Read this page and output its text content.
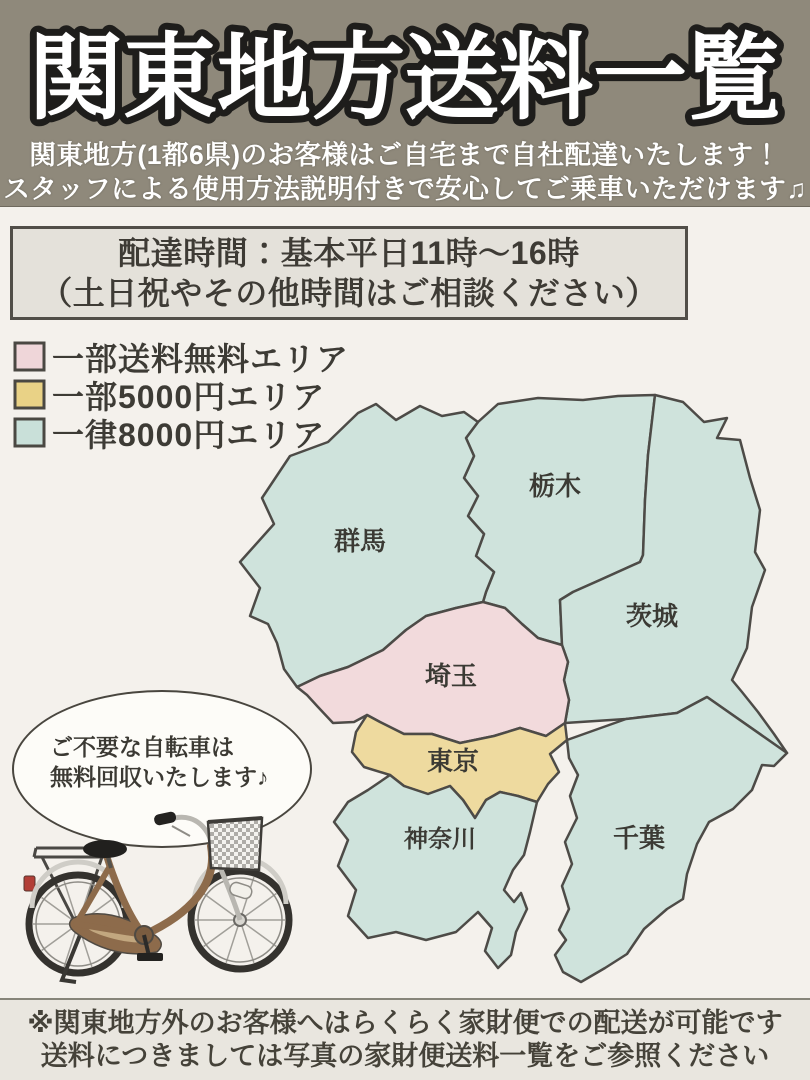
関東地方送料一覧
関東地方(1都6県)のお客様はご自宅まで自社配達いたします！
スタッフによる使用方法説明付きで安心してご乗車いただけます♫
配達時間：基本平日11時～16時
（土日祝やその他時間はご相談ください）
一部送料無料エリア
一部5000円エリア
一律8000円エリア
群馬
栃木
茨城
埼玉
東京
神奈川	千葉
ご不要な自転車は
無料回収いたします♪
※関東地方外のお客様へはらくらく家財便での配送が可能です
送料につきましては写真の家財便送料一覧をご参照ください
